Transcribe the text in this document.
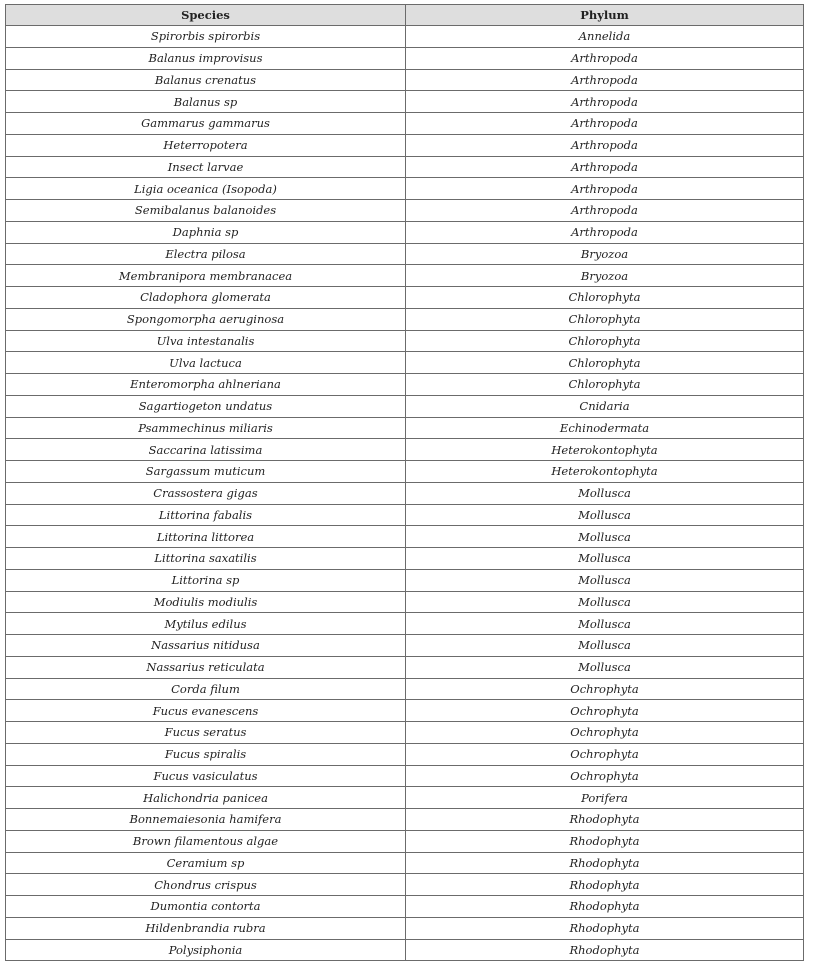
Species	Phylum
Spirorbis spirorbis	Annelida
Balanus improvisus	Arthropoda
Balanus crenatus	Arthropoda
Balanus sp	Arthropoda
Gammarus gammarus	Arthropoda
Heterropotera	Arthropoda
Insect larvae	Arthropoda
Ligia oceanica (Isopoda)	Arthropoda
Semibalanus balanoides	Arthropoda
Daphnia sp	Arthropoda
Electra pilosa	Bryozoa
Membranipora membranacea	Bryozoa
Cladophora glomerata	Chlorophyta
Spongomorpha aeruginosa	Chlorophyta
Ulva intestanalis	Chlorophyta
Ulva lactuca	Chlorophyta
Enteromorpha ahlneriana	Chlorophyta
Sagartiogeton undatus	Cnidaria
Psammechinus miliaris	Echinodermata
Saccarina latissima	Heterokontophyta
Sargassum muticum	Heterokontophyta
Crassostera gigas	Mollusca
Littorina fabalis	Mollusca
Littorina littorea	Mollusca
Littorina saxatilis	Mollusca
Littorina sp	Mollusca
Modiulis modiulis	Mollusca
Mytilus edilus	Mollusca
Nassarius nitidusa	Mollusca
Nassarius reticulata	Mollusca
Corda filum	Ochrophyta
Fucus evanescens	Ochrophyta
Fucus seratus	Ochrophyta
Fucus spiralis	Ochrophyta
Fucus vasiculatus	Ochrophyta
Halichondria panicea	Porifera
Bonnemaiesonia hamifera	Rhodophyta
Brown filamentous algae	Rhodophyta
Ceramium sp	Rhodophyta
Chondrus crispus	Rhodophyta
Dumontia contorta	Rhodophyta
Hildenbrandia rubra	Rhodophyta
Polysiphonia	Rhodophyta
